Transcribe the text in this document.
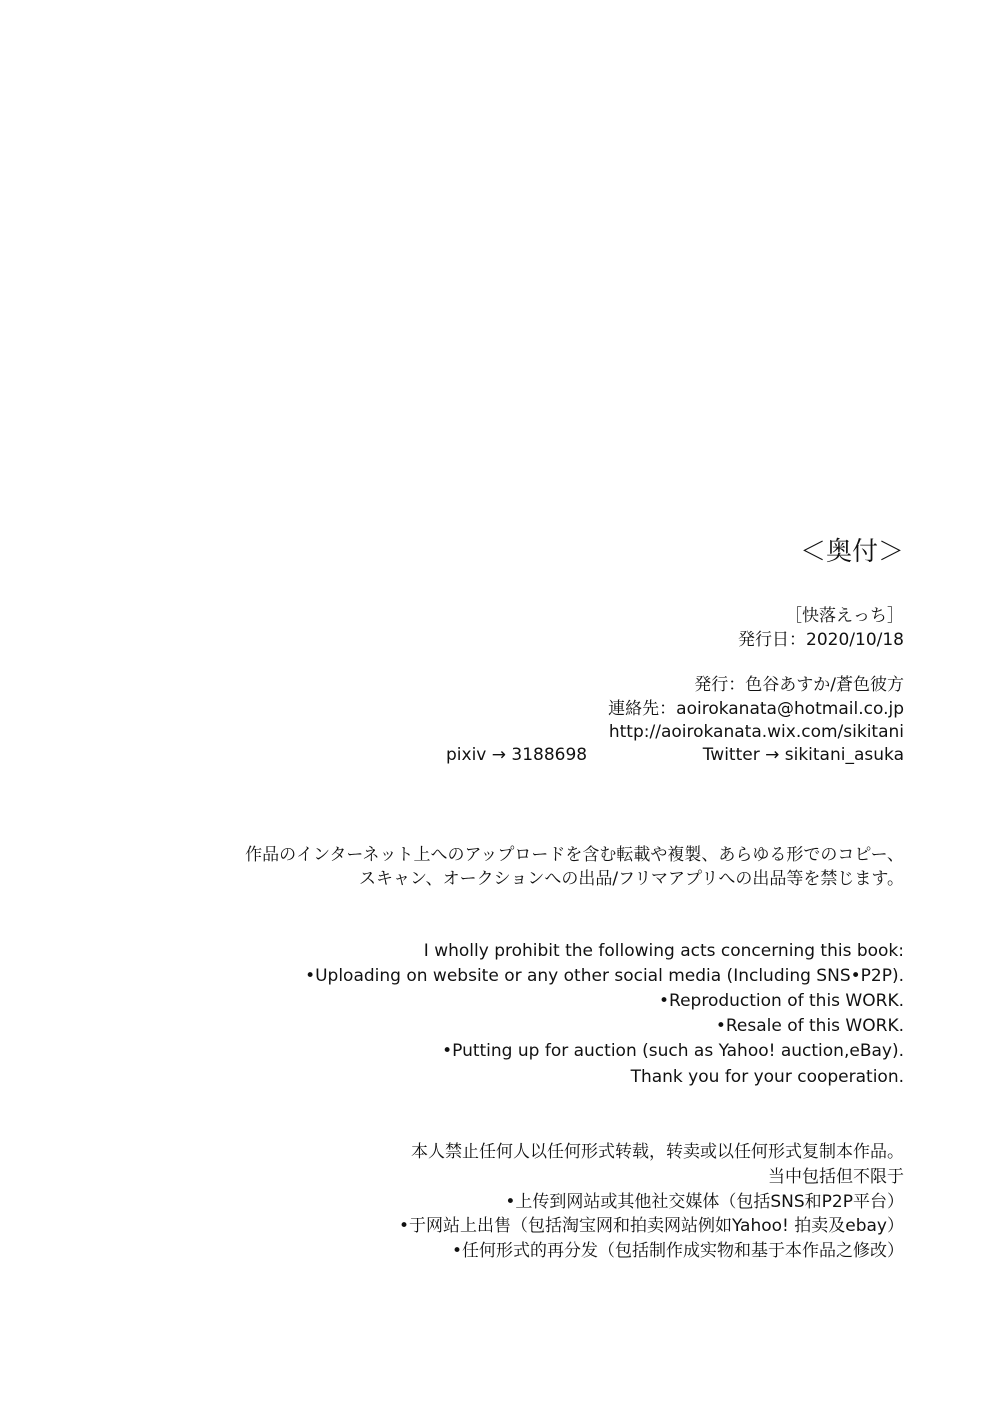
＜奥付＞
［快落えっち］
発行日：2020/10/18
発行：色谷あすか/蒼色彼方
連絡先：aoirokanata@hotmail.co.jp
http://aoirokanata.wix.com/sikitani
pixiv → 3188698	Twitter → sikitani_asuka
作品のインターネット上へのアップロードを含む転載や複製、あらゆる形でのコピー、
スキャン、オークションへの出品/フリマアプリへの出品等を禁じます。
I wholly prohibit the following acts concerning this book:
•Uploading on website or any other social media (Including SNS•P2P).
•Reproduction of this WORK.
•Resale of this WORK.
•Putting up for auction (such as Yahoo! auction,eBay).
Thank you for your cooperation.
本人禁止任何人以任何形式转载，转卖或以任何形式复制本作品。
当中包括但不限于
•上传到网站或其他社交媒体（包括SNS和P2P平台）
•于网站上出售（包括淘宝网和拍卖网站例如Yahoo! 拍卖及ebay）
•任何形式的再分发（包括制作成实物和基于本作品之修改）
